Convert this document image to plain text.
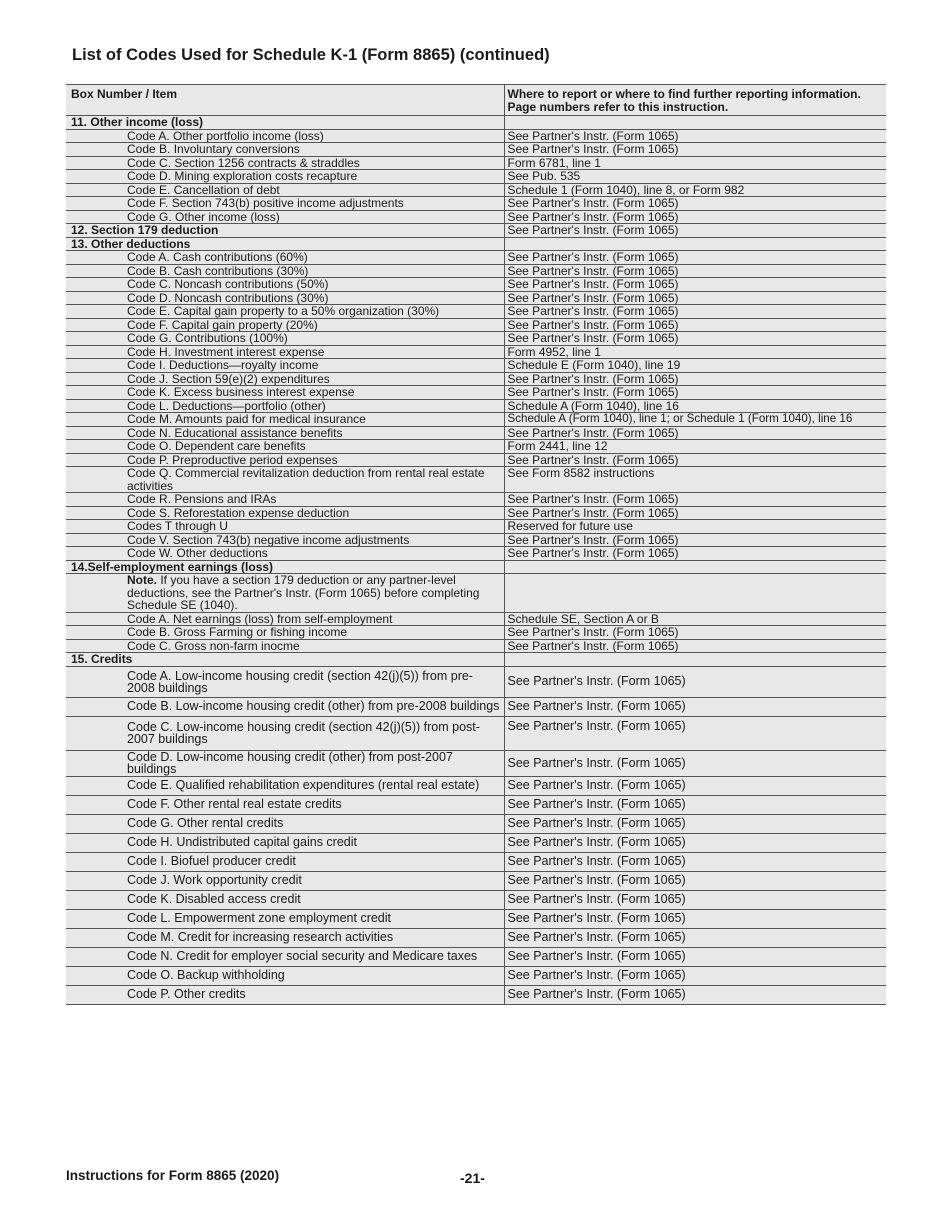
List of Codes Used for Schedule K-1 (Form 8865) (continued)
Box Number / Item		Where to report or where to find further reporting information. Page numbers refer to this instruction.
11. Other income (loss)		
	Code A. Other portfolio income (loss)	See Partner's Instr. (Form 1065)
	Code B. Involuntary conversions	See Partner's Instr. (Form 1065)
	Code C. Section 1256 contracts & straddles	Form 6781, line 1
	Code D. Mining exploration costs recapture	See Pub. 535
	Code E. Cancellation of debt	Schedule 1 (Form 1040), line 8, or Form 982
	Code F. Section 743(b) positive income adjustments	See Partner's Instr. (Form 1065)
	Code G. Other income (loss)	See Partner's Instr. (Form 1065)
12. Section 179 deduction		See Partner's Instr. (Form 1065)
13. Other deductions		
	Code A. Cash contributions (60%)	See Partner's Instr. (Form 1065)
	Code B. Cash contributions (30%)	See Partner's Instr. (Form 1065)
	Code C. Noncash contributions (50%)	See Partner's Instr. (Form 1065)
	Code D. Noncash contributions (30%)	See Partner's Instr. (Form 1065)
	Code E. Capital gain property to a 50% organization (30%)	See Partner's Instr. (Form 1065)
	Code F. Capital gain property (20%)	See Partner's Instr. (Form 1065)
	Code G. Contributions (100%)	See Partner's Instr. (Form 1065)
	Code H. Investment interest expense	Form 4952, line 1
	Code I. Deductions—royalty income	Schedule E (Form 1040), line 19
	Code J. Section 59(e)(2) expenditures	See Partner's Instr. (Form 1065)
	Code K. Excess business interest expense	See Partner's Instr. (Form 1065)
	Code L. Deductions—portfolio (other)	Schedule A (Form 1040), line 16
	Code M. Amounts paid for medical insurance	Schedule A (Form 1040), line 1; or Schedule 1 (Form 1040), line 16
	Code N. Educational assistance benefits	See Partner's Instr. (Form 1065)
	Code O. Dependent care benefits	Form 2441, line 12
	Code P. Preproductive period expenses	See Partner's Instr. (Form 1065)
	Code Q. Commercial revitalization deduction from rental real estate activities	See Form 8582 instructions
	Code R. Pensions and IRAs	See Partner's Instr. (Form 1065)
	Code S. Reforestation expense deduction	See Partner's Instr. (Form 1065)
	Codes T through U	Reserved for future use
	Code V. Section 743(b) negative income adjustments	See Partner's Instr. (Form 1065)
	Code W. Other deductions	See Partner's Instr. (Form 1065)
14.Self-employment earnings (loss)		
	Note. If you have a section 179 deduction or any partner-level deductions, see the Partner's Instr. (Form 1065) before completing Schedule SE (1040).	
	Code A. Net earnings (loss) from self-employment	Schedule SE, Section A or B
	Code B. Gross Farming or fishing income	See Partner's Instr. (Form 1065)
	Code C. Gross non-farm inocme	See Partner's Instr. (Form 1065)
15. Credits		
	Code A. Low-income housing credit (section 42(j)(5)) from pre-2008 buildings	See Partner's Instr. (Form 1065)
	Code B. Low-income housing credit (other) from pre-2008 buildings	See Partner's Instr. (Form 1065)
	Code C. Low-income housing credit (section 42(j)(5)) from post-2007 buildings	See Partner's Instr. (Form 1065)
	Code D. Low-income housing credit (other) from post-2007 buildings	See Partner's Instr. (Form 1065)
	Code E. Qualified rehabilitation expenditures (rental real estate)	See Partner's Instr. (Form 1065)
	Code F. Other rental real estate credits	See Partner's Instr. (Form 1065)
	Code G. Other rental credits	See Partner's Instr. (Form 1065)
	Code H. Undistributed capital gains credit	See Partner's Instr. (Form 1065)
	Code I. Biofuel producer credit	See Partner's Instr. (Form 1065)
	Code J. Work opportunity credit	See Partner's Instr. (Form 1065)
	Code K. Disabled access credit	See Partner's Instr. (Form 1065)
	Code L. Empowerment zone employment credit	See Partner's Instr. (Form 1065)
	Code M. Credit for increasing research activities	See Partner's Instr. (Form 1065)
	Code N. Credit for employer social security and Medicare taxes	See Partner's Instr. (Form 1065)
	Code O. Backup withholding	See Partner's Instr. (Form 1065)
	Code P. Other credits	See Partner's Instr. (Form 1065)
Instructions for Form 8865 (2020)	-21-
